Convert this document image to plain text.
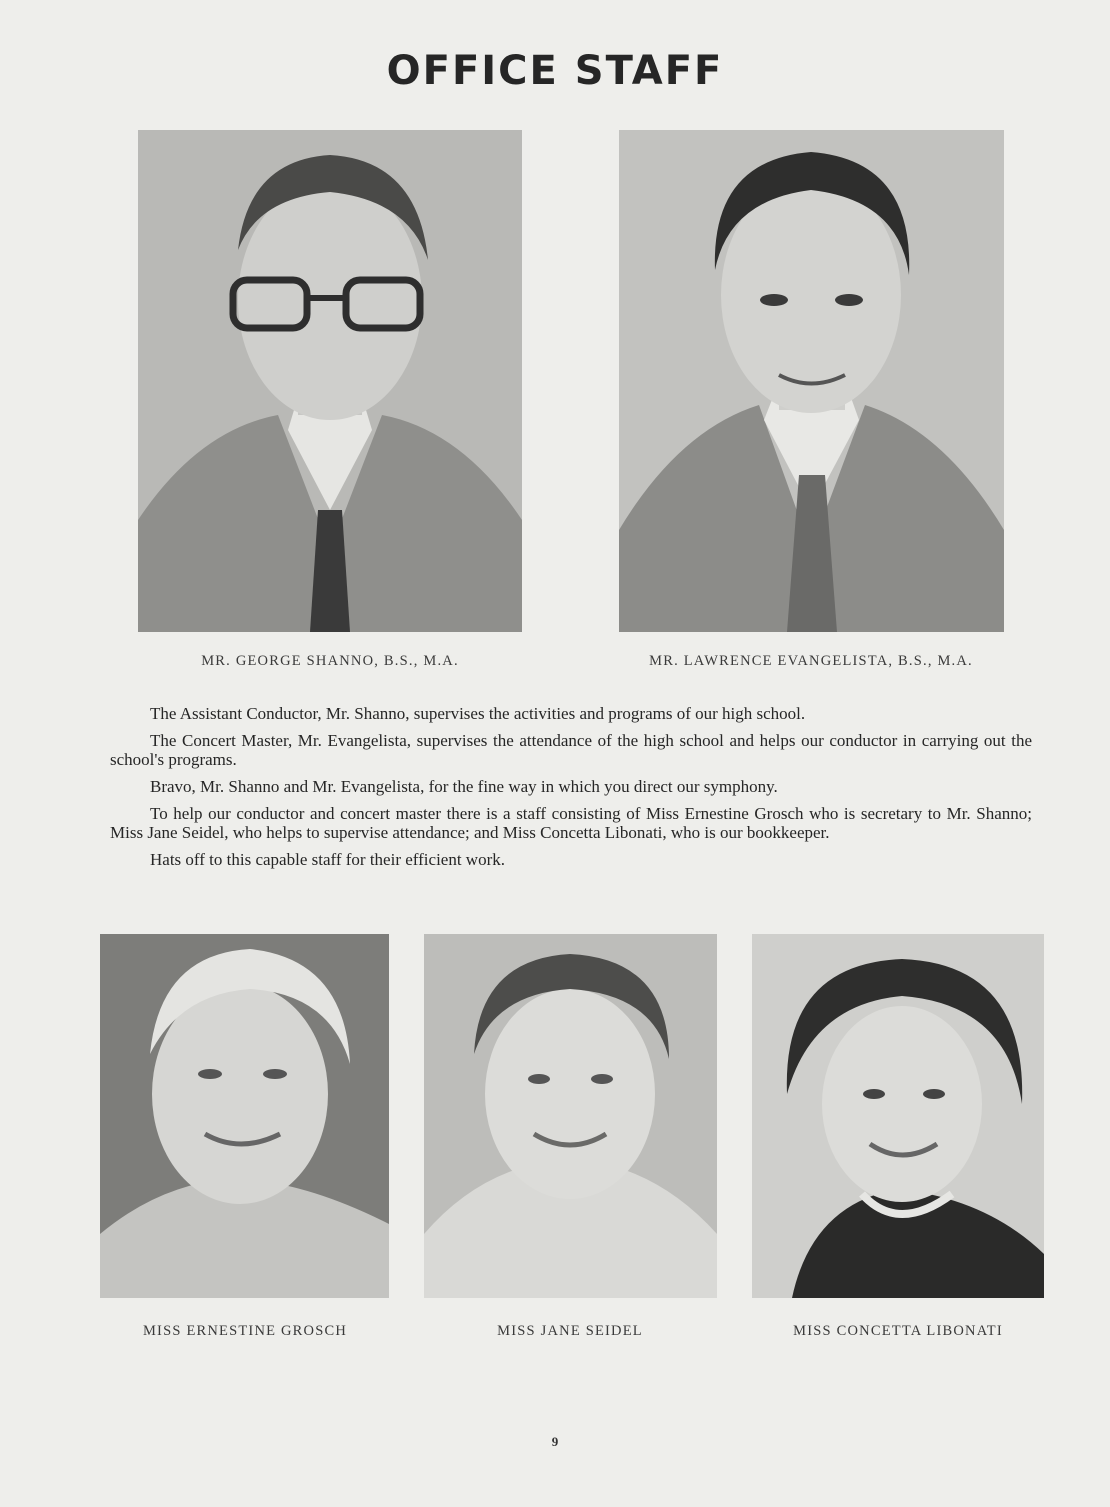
OFFICE STAFF
MR. GEORGE SHANNO, B.S., M.A.	MR. LAWRENCE EVANGELISTA, B.S., M.A.

The Assistant Conductor, Mr. Shanno, supervises the activities and programs of our high school.

The Concert Master, Mr. Evangelista, supervises the attendance of the high school and helps our conductor in carrying out the school's programs.

Bravo, Mr. Shanno and Mr. Evangelista, for the fine way in which you direct our symphony.

To help our conductor and concert master there is a staff consisting of Miss Ernestine Grosch who is secretary to Mr. Shanno; Miss Jane Seidel, who helps to supervise attendance; and Miss Concetta Libonati, who is our bookkeeper.

Hats off to this capable staff for their efficient work.

MISS ERNESTINE GROSCH	MISS JANE SEIDEL	MISS CONCETTA LIBONATI
9
